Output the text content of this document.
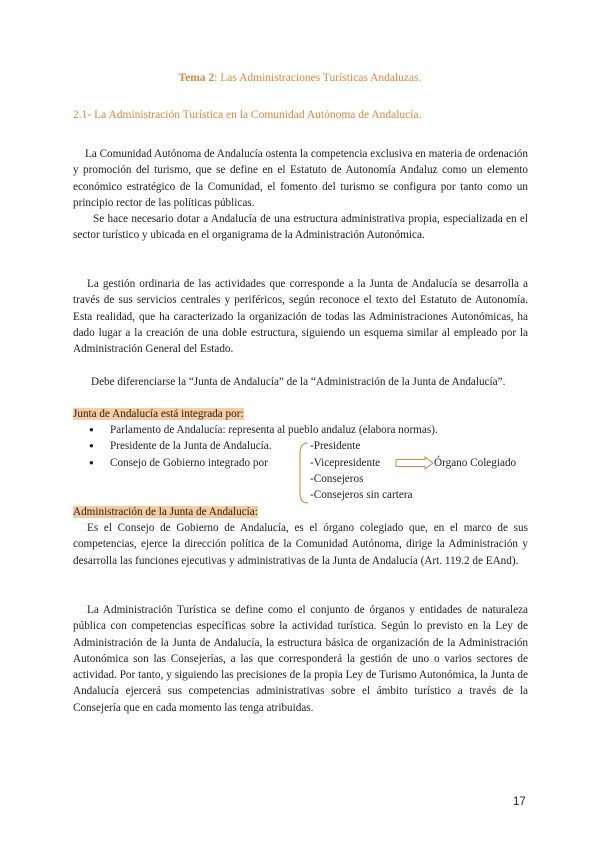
Tema 2: Las Administraciones Turísticas Andaluzas.
2.1- La Administración Turística en la Comunidad Autónoma de Andalucía.
La Comunidad Autónoma de Andalucía ostenta la competencia exclusiva en materia de ordenación y promoción del turismo, que se define en el Estatuto de Autonomía Andaluz como un elemento económico estratégico de la Comunidad, el fomento del turismo se configura por tanto como un principio rector de las políticas públicas.
Se hace necesario dotar a Andalucía de una estructura administrativa propia, especializada en el sector turístico y ubicada en el organigrama de la Administración Autonómica.
La gestión ordinaria de las actividades que corresponde a la Junta de Andalucía se desarrolla a través de sus servicios centrales y periféricos, según reconoce el texto del Estatuto de Autonomía. Esta realidad, que ha caracterizado la organización de todas las Administraciones Autonómicas, ha dado lugar a la creación de una doble estructura, siguiendo un esquema similar al empleado por la Administración General del Estado.
Debe diferenciarse la “Junta de Andalucía” de la “Administración de la Junta de Andalucía”.
Junta de Andalucía está integrada por:
● Parlamento de Andalucía: representa al pueblo andaluz (elabora normas).
● Presidente de la Junta de Andalucía.
● Consejo de Gobierno integrado por
-Presidente
-Vicepresidente
-Consejeros
-Consejeros sin cartera
Órgano Colegiado
Administración de la Junta de Andalucía:
Es el Consejo de Gobierno de Andalucía, es el órgano colegiado que, en el marco de sus competencias, ejerce la dirección política de la Comunidad Autónoma, dirige la Administración y desarrolla las funciones ejecutivas y administrativas de la Junta de Andalucía (Art. 119.2 de EAnd).
La Administración Turística se define como el conjunto de órganos y entidades de naturaleza pública con competencias específicas sobre la actividad turística. Según lo previsto en la Ley de Administración de la Junta de Andalucía, la estructura básica de organización de la Administración Autonómica son las Consejerías, a las que corresponderá la gestión de uno o varios sectores de actividad. Por tanto, y siguiendo las precisiones de la propia Ley de Turismo Autonómica, la Junta de Andalucía ejercerá sus competencias administrativas sobre el ámbito turístico a través de la Consejería que en cada momento las tenga atribuidas.
17
